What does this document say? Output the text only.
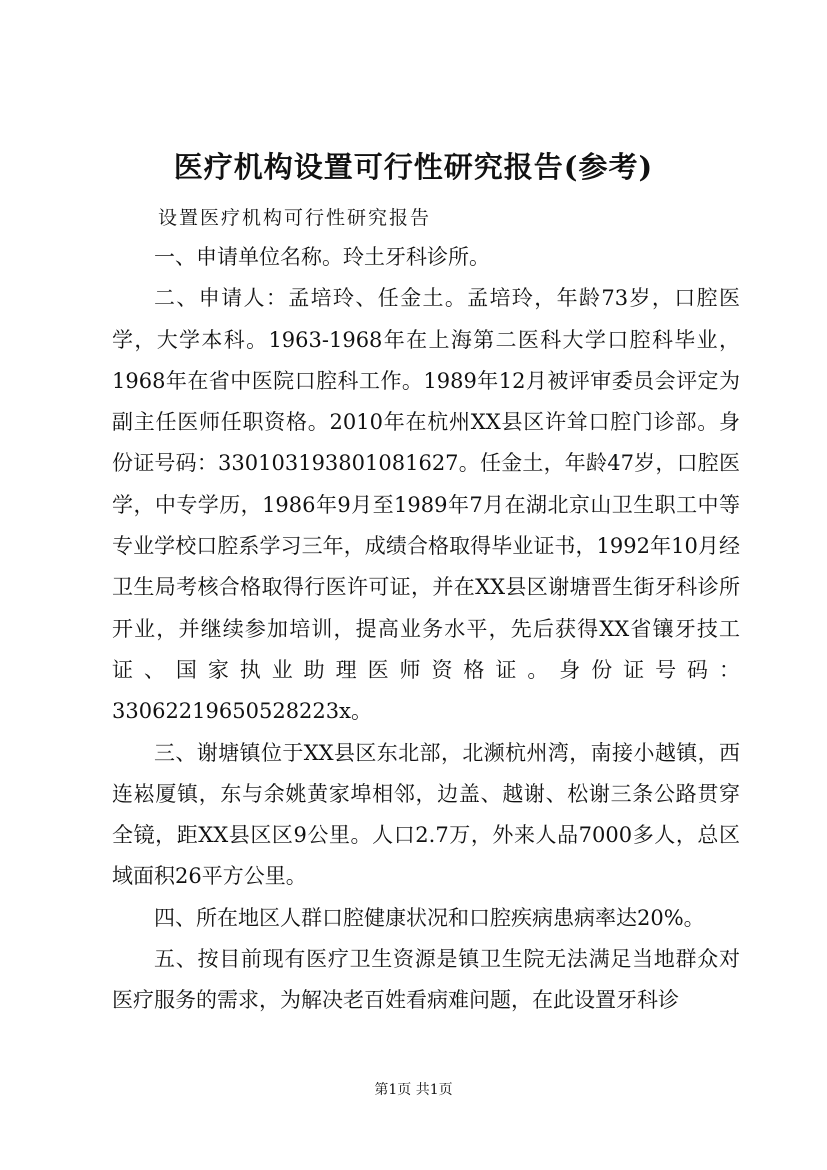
医疗机构设置可行性研究报告(参考)
设置医疗机构可行性研究报告

一、申请单位名称。玲土牙科诊所。

二、申请人：孟培玲、任金土。孟培玲，年龄73岁，口腔医学，大学本科。1963-1968年在上海第二医科大学口腔科毕业，1968年在省中医院口腔科工作。1989年12月被评审委员会评定为副主任医师任职资格。2010年在杭州XX县区许耸口腔门诊部。身份证号码：330103193801081627。任金土，年龄47岁，口腔医学，中专学历，1986年9月至1989年7月在湖北京山卫生职工中等专业学校口腔系学习三年，成绩合格取得毕业证书，1992年10月经卫生局考核合格取得行医许可证，并在XX县区谢塘晋生街牙科诊所开业，并继续参加培训，提高业务水平，先后获得XX省镶牙技工证、国家执业助理医师资格证。身份证号码：33062219650528223x。

三、谢塘镇位于XX县区东北部，北濒杭州湾，南接小越镇，西连崧厦镇，东与余姚黄家埠相邻，边盖、越谢、松谢三条公路贯穿全镜，距XX县区区9公里。人口2.7万，外来人品7000多人，总区域面积26平方公里。

四、所在地区人群口腔健康状况和口腔疾病患病率达20%。

五、按目前现有医疗卫生资源是镇卫生院无法满足当地群众对医疗服务的需求，为解决老百姓看病难问题，在此设置牙科诊

第1页 共1页
